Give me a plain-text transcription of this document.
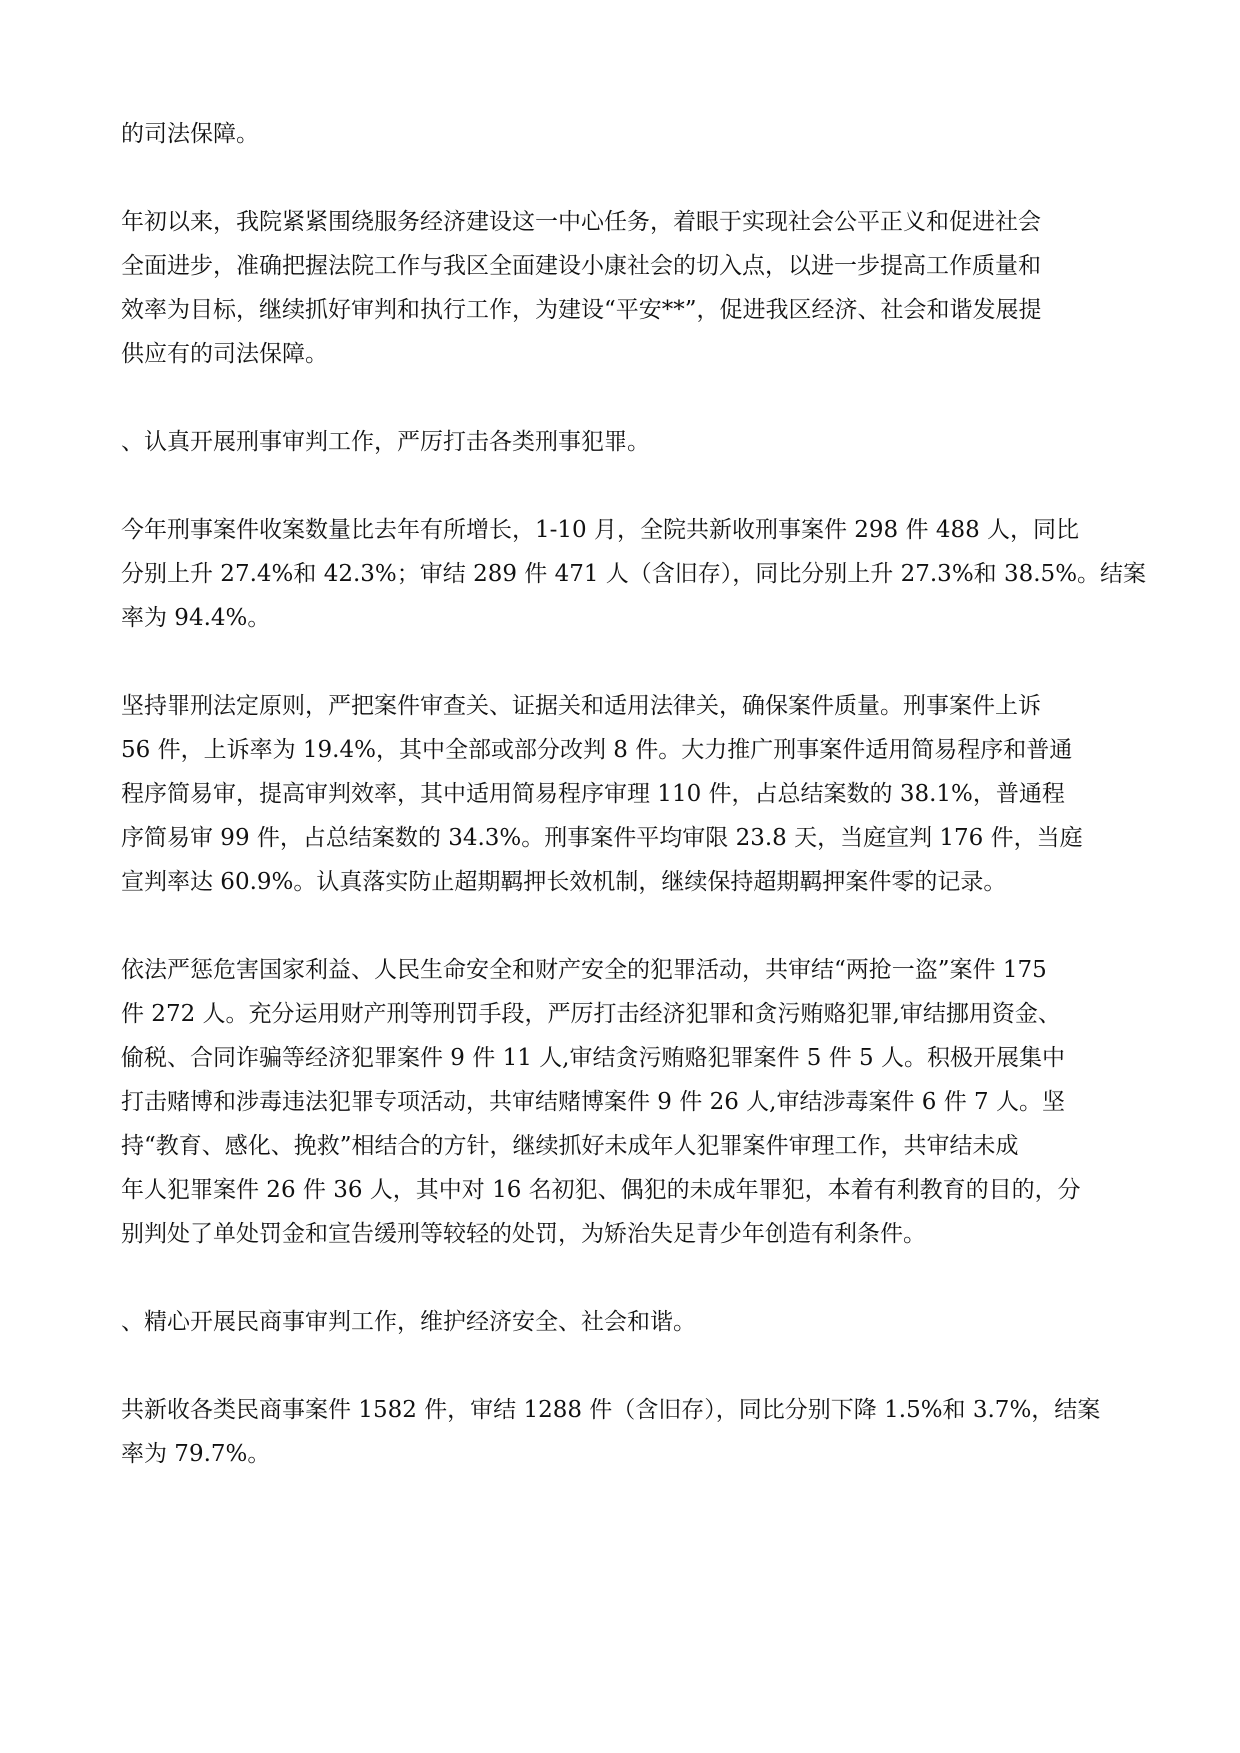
的司法保障。

年初以来，我院紧紧围绕服务经济建设这一中心任务，着眼于实现社会公平正义和促进社会
全面进步，准确把握法院工作与我区全面建设小康社会的切入点，以进一步提高工作质量和
效率为目标，继续抓好审判和执行工作，为建设“平安**”，促进我区经济、社会和谐发展提
供应有的司法保障。

、认真开展刑事审判工作，严厉打击各类刑事犯罪。

今年刑事案件收案数量比去年有所增长，1-10 月，全院共新收刑事案件 298 件 488 人，同比
分别上升 27.4%和 42.3%；审结 289 件 471 人（含旧存），同比分别上升 27.3%和 38.5%。结案
率为 94.4%。

坚持罪刑法定原则，严把案件审查关、证据关和适用法律关，确保案件质量。刑事案件上诉
56 件，上诉率为 19.4%，其中全部或部分改判 8 件。大力推广刑事案件适用简易程序和普通
程序简易审，提高审判效率，其中适用简易程序审理 110 件，占总结案数的 38.1%，普通程
序简易审 99 件，占总结案数的 34.3%。刑事案件平均审限 23.8 天，当庭宣判 176 件，当庭
宣判率达 60.9%。认真落实防止超期羁押长效机制，继续保持超期羁押案件零的记录。

依法严惩危害国家利益、人民生命安全和财产安全的犯罪活动，共审结“两抢一盗”案件 175
件 272 人。充分运用财产刑等刑罚手段，严厉打击经济犯罪和贪污贿赂犯罪,审结挪用资金、
偷税、合同诈骗等经济犯罪案件 9 件 11 人,审结贪污贿赂犯罪案件 5 件 5 人。积极开展集中
打击赌博和涉毒违法犯罪专项活动，共审结赌博案件 9 件 26 人,审结涉毒案件 6 件 7 人。坚
持“教育、感化、挽救”相结合的方针，继续抓好未成年人犯罪案件审理工作，共审结未成
年人犯罪案件 26 件 36 人，其中对 16 名初犯、偶犯的未成年罪犯，本着有利教育的目的，分
别判处了单处罚金和宣告缓刑等较轻的处罚，为矫治失足青少年创造有利条件。

、精心开展民商事审判工作，维护经济安全、社会和谐。

共新收各类民商事案件 1582 件，审结 1288 件（含旧存），同比分别下降 1.5%和 3.7%，结案
率为 79.7%。
